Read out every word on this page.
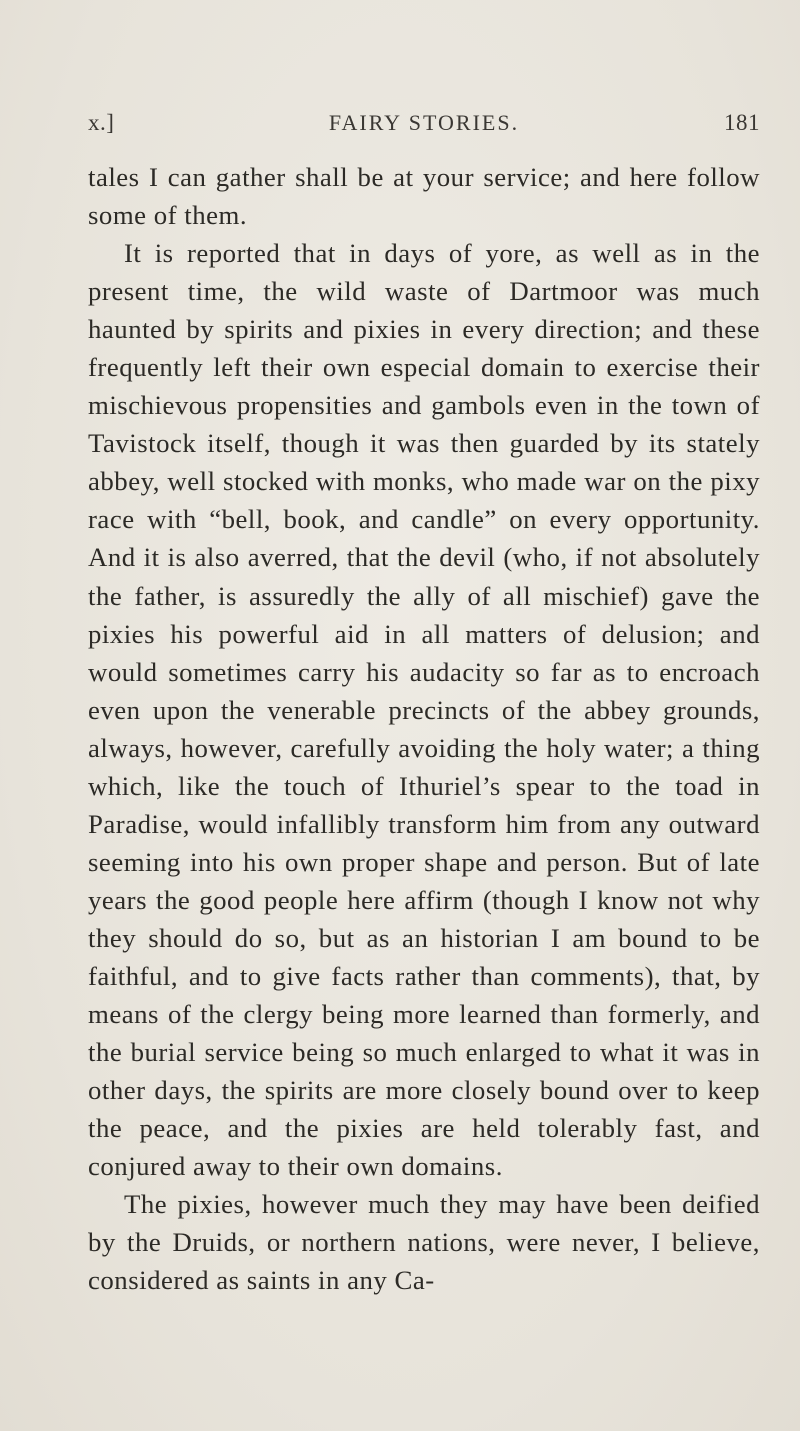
x.]	FAIRY STORIES.	181

tales I can gather shall be at your service; and here follow some of them.

It is reported that in days of yore, as well as in the present time, the wild waste of Dartmoor was much haunted by spirits and pixies in every direction; and these frequently left their own especial domain to exercise their mischievous propensities and gambols even in the town of Tavistock itself, though it was then guarded by its stately abbey, well stocked with monks, who made war on the pixy race with “bell, book, and candle” on every opportunity. And it is also averred, that the devil (who, if not absolutely the father, is assuredly the ally of all mischief) gave the pixies his powerful aid in all matters of delusion; and would sometimes carry his audacity so far as to encroach even upon the venerable precincts of the abbey grounds, always, however, carefully avoiding the holy water; a thing which, like the touch of Ithuriel’s spear to the toad in Paradise, would infallibly transform him from any outward seeming into his own proper shape and person. But of late years the good people here affirm (though I know not why they should do so, but as an historian I am bound to be faithful, and to give facts rather than comments), that, by means of the clergy being more learned than formerly, and the burial service being so much enlarged to what it was in other days, the spirits are more closely bound over to keep the peace, and the pixies are held tolerably fast, and conjured away to their own domains.

The pixies, however much they may have been deified by the Druids, or northern nations, were never, I believe, considered as saints in any Ca-
